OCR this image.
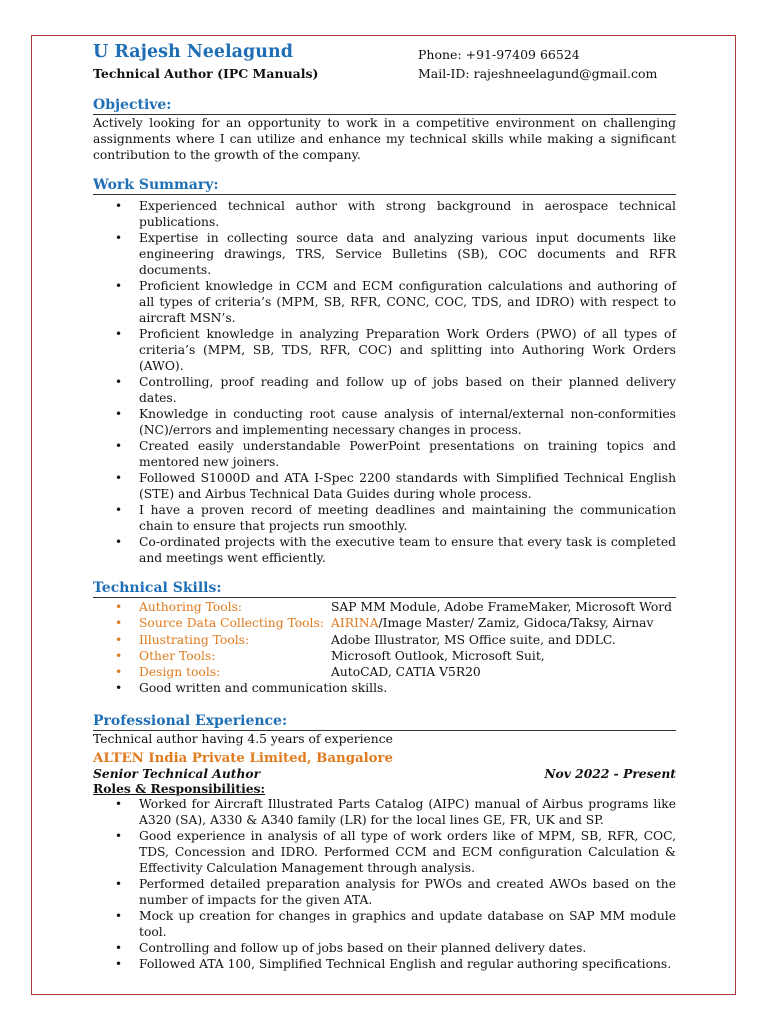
U Rajesh Neelagund
Technical Author (IPC Manuals)
Phone: +91-97409 66524
Mail-ID: rajeshneelagund@gmail.com
Objective:

Actively looking for an opportunity to work in a competitive environment on challenging assignments where I can utilize and enhance my technical skills while making a significant contribution to the growth of the company.

Work Summary:
• Experienced technical author with strong background in aerospace technical publications.
• Expertise in collecting source data and analyzing various input documents like engineering drawings, TRS, Service Bulletins (SB), COC documents and RFR documents.
• Proficient knowledge in CCM and ECM configuration calculations and authoring of all types of criteria’s (MPM, SB, RFR, CONC, COC, TDS, and IDRO) with respect to aircraft MSN’s.
• Proficient knowledge in analyzing Preparation Work Orders (PWO) of all types of criteria’s (MPM, SB, TDS, RFR, COC) and splitting into Authoring Work Orders (AWO).
• Controlling, proof reading and follow up of jobs based on their planned delivery dates.
• Knowledge in conducting root cause analysis of internal/external non-conformities (NC)/errors and implementing necessary changes in process.
• Created easily understandable PowerPoint presentations on training topics and mentored new joiners.
• Followed S1000D and ATA I-Spec 2200 standards with Simplified Technical English (STE) and Airbus Technical Data Guides during whole process.
• I have a proven record of meeting deadlines and maintaining the communication chain to ensure that projects run smoothly.
• Co-ordinated projects with the executive team to ensure that every task is completed and meetings went efficiently.
Technical Skills:
• Authoring Tools:	SAP MM Module, Adobe FrameMaker, Microsoft Word
• Source Data Collecting Tools: AIRINA/Image Master/ Zamiz, Gidoca/Taksy, Airnav
• Illustrating Tools:	Adobe Illustrator, MS Office suite, and DDLC.
• Other Tools:	Microsoft Outlook, Microsoft Suit,
• Design tools:	AutoCAD, CATIA V5R20
• Good written and communication skills.
Professional Experience:

Technical author having 4.5 years of experience

ALTEN India Private Limited, Bangalore

Senior Technical Author	Nov 2022 - Present

Roles & Responsibilities:

• Worked for Aircraft Illustrated Parts Catalog (AIPC) manual of Airbus programs like A320 (SA), A330 & A340 family (LR) for the local lines GE, FR, UK and SP.
• Good experience in analysis of all type of work orders like of MPM, SB, RFR, COC, TDS, Concession and IDRO. Performed CCM and ECM configuration Calculation & Effectivity Calculation Management through analysis.
• Performed detailed preparation analysis for PWOs and created AWOs based on the number of impacts for the given ATA.
• Mock up creation for changes in graphics and update database on SAP MM module tool.
• Controlling and follow up of jobs based on their planned delivery dates.
• Followed ATA 100, Simplified Technical English and regular authoring specifications.
